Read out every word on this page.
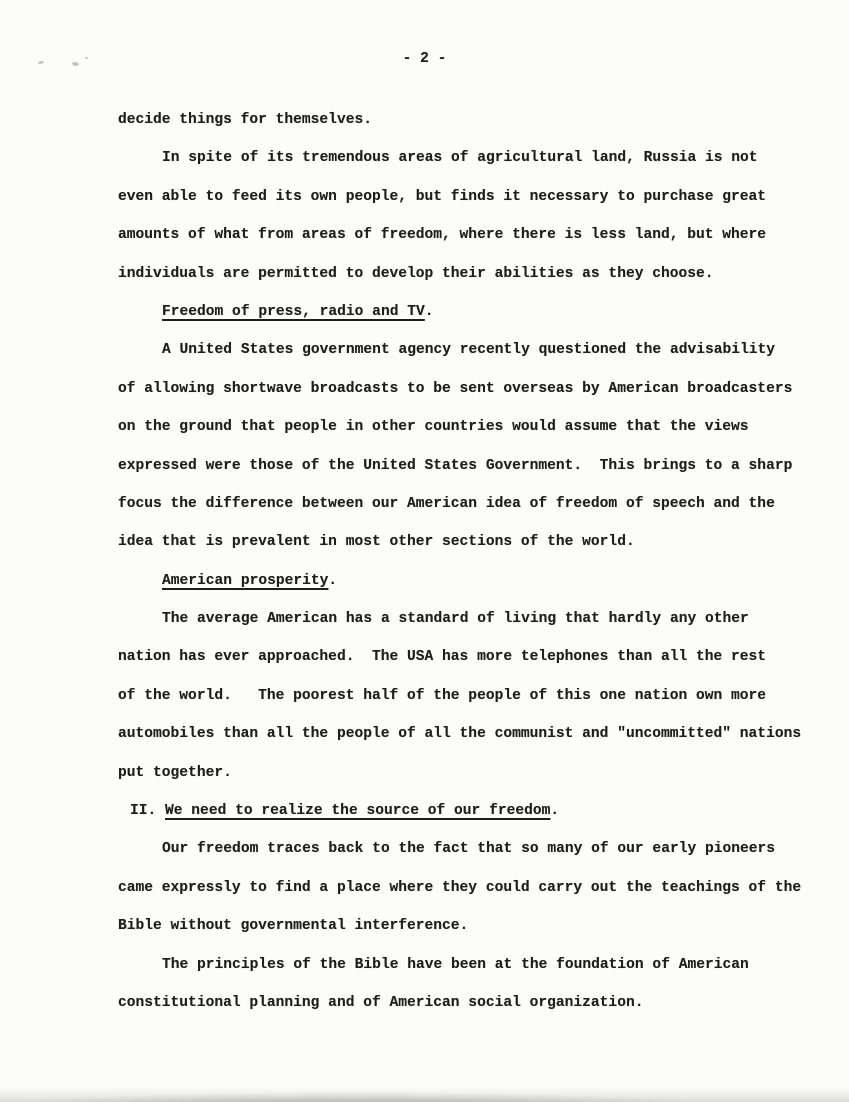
- 2 -
decide things for themselves.
In spite of its tremendous areas of agricultural land, Russia is not
even able to feed its own people, but finds it necessary to purchase great
amounts of what from areas of freedom, where there is less land, but where
individuals are permitted to develop their abilities as they choose.
Freedom of press, radio and TV.
A United States government agency recently questioned the advisability
of allowing shortwave broadcasts to be sent overseas by American broadcasters
on the ground that people in other countries would assume that the views
expressed were those of the United States Government.  This brings to a sharp
focus the difference between our American idea of freedom of speech and the
idea that is prevalent in most other sections of the world.
American prosperity.
The average American has a standard of living that hardly any other
nation has ever approached.  The USA has more telephones than all the rest
of the world.   The poorest half of the people of this one nation own more
automobiles than all the people of all the communist and "uncommitted" nations
put together.
II. We need to realize the source of our freedom.
Our freedom traces back to the fact that so many of our early pioneers
came expressly to find a place where they could carry out the teachings of the
Bible without governmental interference.
The principles of the Bible have been at the foundation of American
constitutional planning and of American social organization.
